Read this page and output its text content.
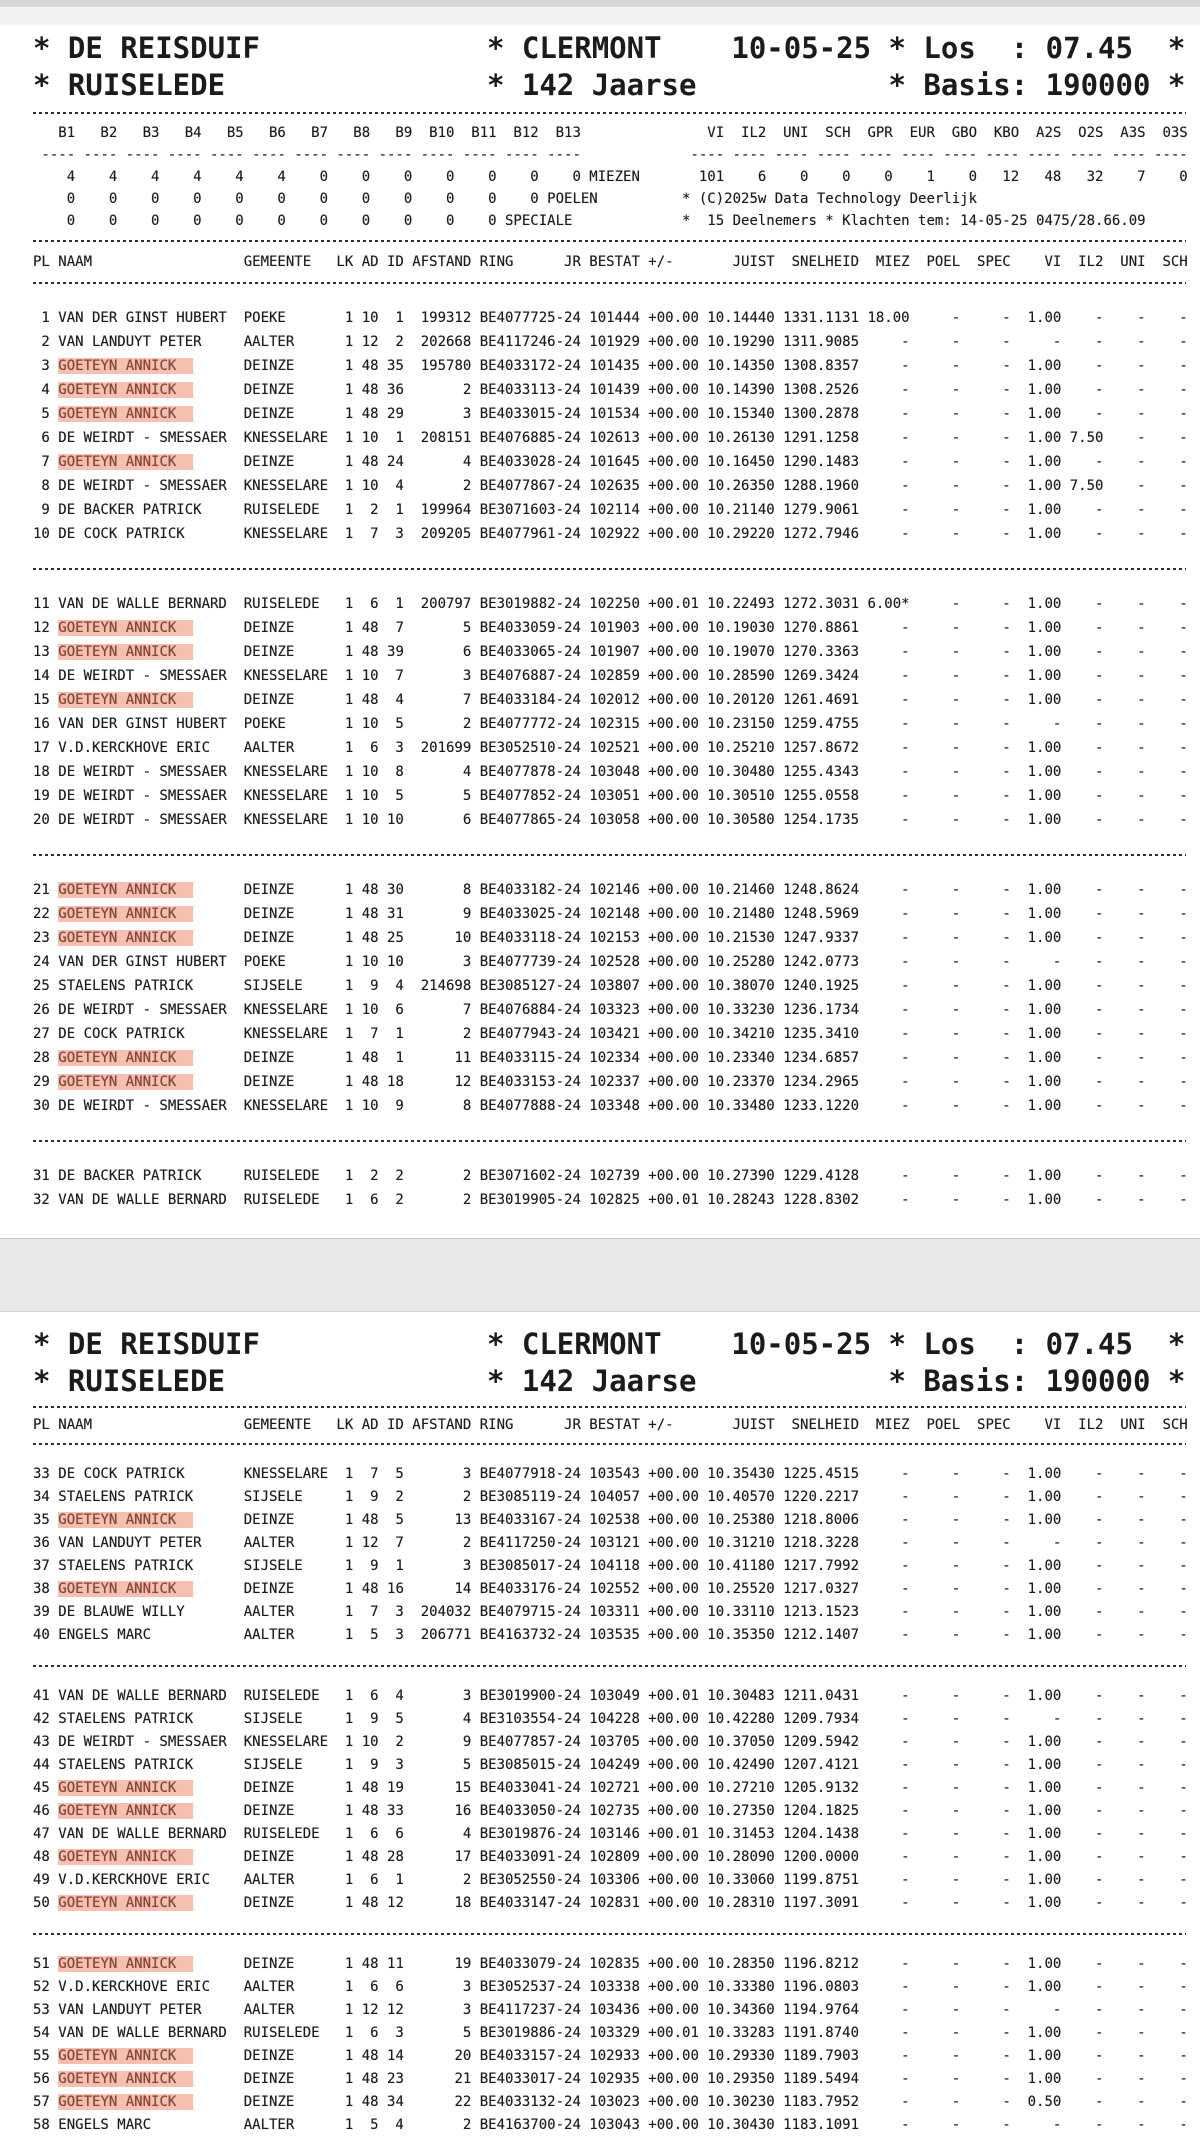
* DE REISDUIF             * CLERMONT    10-05-25 * Los  : 07.45  *
* RUISELEDE               * 142 Jaarse           * Basis: 190000 *
B1   B2   B3   B4   B5   B6   B7   B8   B9  B10  B11  B12  B13               VI  IL2  UNI  SCH  GPR  EUR  GBO  KBO  A2S  O2S  A3S  03S
---- ---- ---- ---- ---- ---- ---- ---- ---- ---- ---- ---- ----             ---- ---- ---- ---- ---- ---- ---- ---- ---- ---- ---- ----
4    4    4    4    4    4    0    0    0    0    0    0    0 MIEZEN       101    6    0    0    0    1    0   12   48   32    7    0
0    0    0    0    0    0    0    0    0    0    0    0 POELEN          * (C)2025w Data Technology Deerlijk
0    0    0    0    0    0    0    0    0    0    0 SPECIALE             *  15 Deelnemers * Klachten tem: 14-05-25 0475/28.66.09
PL NAAM                  GEMEENTE   LK AD ID AFSTAND RING      JR BESTAT +/-       JUIST  SNELHEID  MIEZ  POEL  SPEC    VI  IL2  UNI  SCH
1 VAN DER GINST HUBERT  POEKE       1 10  1  199312 BE4077725-24 101444 +00.00 10.14440 1331.1131 18.00     -     -  1.00    -    -    -
2 VAN LANDUYT PETER     AALTER      1 12  2  202668 BE4117246-24 101929 +00.00 10.19290 1311.9085     -     -     -     -    -    -    -
3 GOETEYN ANNICK        DEINZE      1 48 35  195780 BE4033172-24 101435 +00.00 10.14350 1308.8357     -     -     -  1.00    -    -    -
4 GOETEYN ANNICK        DEINZE      1 48 36       2 BE4033113-24 101439 +00.00 10.14390 1308.2526     -     -     -  1.00    -    -    -
5 GOETEYN ANNICK        DEINZE      1 48 29       3 BE4033015-24 101534 +00.00 10.15340 1300.2878     -     -     -  1.00    -    -    -
6 DE WEIRDT - SMESSAER  KNESSELARE  1 10  1  208151 BE4076885-24 102613 +00.00 10.26130 1291.1258     -     -     -  1.00 7.50    -    -
7 GOETEYN ANNICK        DEINZE      1 48 24       4 BE4033028-24 101645 +00.00 10.16450 1290.1483     -     -     -  1.00    -    -    -
8 DE WEIRDT - SMESSAER  KNESSELARE  1 10  4       2 BE4077867-24 102635 +00.00 10.26350 1288.1960     -     -     -  1.00 7.50    -    -
9 DE BACKER PATRICK     RUISELEDE   1  2  1  199964 BE3071603-24 102114 +00.00 10.21140 1279.9061     -     -     -  1.00    -    -    -
10 DE COCK PATRICK       KNESSELARE  1  7  3  209205 BE4077961-24 102922 +00.00 10.29220 1272.7946     -     -     -  1.00    -    -    -
11 VAN DE WALLE BERNARD  RUISELEDE   1  6  1  200797 BE3019882-24 102250 +00.01 10.22493 1272.3031 6.00*     -     -  1.00    -    -    -
12 GOETEYN ANNICK        DEINZE      1 48  7       5 BE4033059-24 101903 +00.00 10.19030 1270.8861     -     -     -  1.00    -    -    -
13 GOETEYN ANNICK        DEINZE      1 48 39       6 BE4033065-24 101907 +00.00 10.19070 1270.3363     -     -     -  1.00    -    -    -
14 DE WEIRDT - SMESSAER  KNESSELARE  1 10  7       3 BE4076887-24 102859 +00.00 10.28590 1269.3424     -     -     -  1.00    -    -    -
15 GOETEYN ANNICK        DEINZE      1 48  4       7 BE4033184-24 102012 +00.00 10.20120 1261.4691     -     -     -  1.00    -    -    -
16 VAN DER GINST HUBERT  POEKE       1 10  5       2 BE4077772-24 102315 +00.00 10.23150 1259.4755     -     -     -     -    -    -    -
17 V.D.KERCKHOVE ERIC    AALTER      1  6  3  201699 BE3052510-24 102521 +00.00 10.25210 1257.8672     -     -     -  1.00    -    -    -
18 DE WEIRDT - SMESSAER  KNESSELARE  1 10  8       4 BE4077878-24 103048 +00.00 10.30480 1255.4343     -     -     -  1.00    -    -    -
19 DE WEIRDT - SMESSAER  KNESSELARE  1 10  5       5 BE4077852-24 103051 +00.00 10.30510 1255.0558     -     -     -  1.00    -    -    -
20 DE WEIRDT - SMESSAER  KNESSELARE  1 10 10       6 BE4077865-24 103058 +00.00 10.30580 1254.1735     -     -     -  1.00    -    -    -
21 GOETEYN ANNICK        DEINZE      1 48 30       8 BE4033182-24 102146 +00.00 10.21460 1248.8624     -     -     -  1.00    -    -    -
22 GOETEYN ANNICK        DEINZE      1 48 31       9 BE4033025-24 102148 +00.00 10.21480 1248.5969     -     -     -  1.00    -    -    -
23 GOETEYN ANNICK        DEINZE      1 48 25      10 BE4033118-24 102153 +00.00 10.21530 1247.9337     -     -     -  1.00    -    -    -
24 VAN DER GINST HUBERT  POEKE       1 10 10       3 BE4077739-24 102528 +00.00 10.25280 1242.0773     -     -     -     -    -    -    -
25 STAELENS PATRICK      SIJSELE     1  9  4  214698 BE3085127-24 103807 +00.00 10.38070 1240.1925     -     -     -  1.00    -    -    -
26 DE WEIRDT - SMESSAER  KNESSELARE  1 10  6       7 BE4076884-24 103323 +00.00 10.33230 1236.1734     -     -     -  1.00    -    -    -
27 DE COCK PATRICK       KNESSELARE  1  7  1       2 BE4077943-24 103421 +00.00 10.34210 1235.3410     -     -     -  1.00    -    -    -
28 GOETEYN ANNICK        DEINZE      1 48  1      11 BE4033115-24 102334 +00.00 10.23340 1234.6857     -     -     -  1.00    -    -    -
29 GOETEYN ANNICK        DEINZE      1 48 18      12 BE4033153-24 102337 +00.00 10.23370 1234.2965     -     -     -  1.00    -    -    -
30 DE WEIRDT - SMESSAER  KNESSELARE  1 10  9       8 BE4077888-24 103348 +00.00 10.33480 1233.1220     -     -     -  1.00    -    -    -
31 DE BACKER PATRICK     RUISELEDE   1  2  2       2 BE3071602-24 102739 +00.00 10.27390 1229.4128     -     -     -  1.00    -    -    -
32 VAN DE WALLE BERNARD  RUISELEDE   1  6  2       2 BE3019905-24 102825 +00.01 10.28243 1228.8302     -     -     -  1.00    -    -    -
* DE REISDUIF             * CLERMONT    10-05-25 * Los  : 07.45  *
* RUISELEDE               * 142 Jaarse           * Basis: 190000 *
PL NAAM                  GEMEENTE   LK AD ID AFSTAND RING      JR BESTAT +/-       JUIST  SNELHEID  MIEZ  POEL  SPEC    VI  IL2  UNI  SCH
33 DE COCK PATRICK       KNESSELARE  1  7  5       3 BE4077918-24 103543 +00.00 10.35430 1225.4515     -     -     -  1.00    -    -    -
34 STAELENS PATRICK      SIJSELE     1  9  2       2 BE3085119-24 104057 +00.00 10.40570 1220.2217     -     -     -  1.00    -    -    -
35 GOETEYN ANNICK        DEINZE      1 48  5      13 BE4033167-24 102538 +00.00 10.25380 1218.8006     -     -     -  1.00    -    -    -
36 VAN LANDUYT PETER     AALTER      1 12  7       2 BE4117250-24 103121 +00.00 10.31210 1218.3228     -     -     -     -    -    -    -
37 STAELENS PATRICK      SIJSELE     1  9  1       3 BE3085017-24 104118 +00.00 10.41180 1217.7992     -     -     -  1.00    -    -    -
38 GOETEYN ANNICK        DEINZE      1 48 16      14 BE4033176-24 102552 +00.00 10.25520 1217.0327     -     -     -  1.00    -    -    -
39 DE BLAUWE WILLY       AALTER      1  7  3  204032 BE4079715-24 103311 +00.00 10.33110 1213.1523     -     -     -  1.00    -    -    -
40 ENGELS MARC           AALTER      1  5  3  206771 BE4163732-24 103535 +00.00 10.35350 1212.1407     -     -     -  1.00    -    -    -
41 VAN DE WALLE BERNARD  RUISELEDE   1  6  4       3 BE3019900-24 103049 +00.01 10.30483 1211.0431     -     -     -  1.00    -    -    -
42 STAELENS PATRICK      SIJSELE     1  9  5       4 BE3103554-24 104228 +00.00 10.42280 1209.7934     -     -     -     -    -    -    -
43 DE WEIRDT - SMESSAER  KNESSELARE  1 10  2       9 BE4077857-24 103705 +00.00 10.37050 1209.5942     -     -     -  1.00    -    -    -
44 STAELENS PATRICK      SIJSELE     1  9  3       5 BE3085015-24 104249 +00.00 10.42490 1207.4121     -     -     -  1.00    -    -    -
45 GOETEYN ANNICK        DEINZE      1 48 19      15 BE4033041-24 102721 +00.00 10.27210 1205.9132     -     -     -  1.00    -    -    -
46 GOETEYN ANNICK        DEINZE      1 48 33      16 BE4033050-24 102735 +00.00 10.27350 1204.1825     -     -     -  1.00    -    -    -
47 VAN DE WALLE BERNARD  RUISELEDE   1  6  6       4 BE3019876-24 103146 +00.01 10.31453 1204.1438     -     -     -  1.00    -    -    -
48 GOETEYN ANNICK        DEINZE      1 48 28      17 BE4033091-24 102809 +00.00 10.28090 1200.0000     -     -     -  1.00    -    -    -
49 V.D.KERCKHOVE ERIC    AALTER      1  6  1       2 BE3052550-24 103306 +00.00 10.33060 1199.8751     -     -     -  1.00    -    -    -
50 GOETEYN ANNICK        DEINZE      1 48 12      18 BE4033147-24 102831 +00.00 10.28310 1197.3091     -     -     -  1.00    -    -    -
51 GOETEYN ANNICK        DEINZE      1 48 11      19 BE4033079-24 102835 +00.00 10.28350 1196.8212     -     -     -  1.00    -    -    -
52 V.D.KERCKHOVE ERIC    AALTER      1  6  6       3 BE3052537-24 103338 +00.00 10.33380 1196.0803     -     -     -  1.00    -    -    -
53 VAN LANDUYT PETER     AALTER      1 12 12       3 BE4117237-24 103436 +00.00 10.34360 1194.9764     -     -     -     -    -    -    -
54 VAN DE WALLE BERNARD  RUISELEDE   1  6  3       5 BE3019886-24 103329 +00.01 10.33283 1191.8740     -     -     -  1.00    -    -    -
55 GOETEYN ANNICK        DEINZE      1 48 14      20 BE4033157-24 102933 +00.00 10.29330 1189.7903     -     -     -  1.00    -    -    -
56 GOETEYN ANNICK        DEINZE      1 48 23      21 BE4033017-24 102935 +00.00 10.29350 1189.5494     -     -     -  1.00    -    -    -
57 GOETEYN ANNICK        DEINZE      1 48 34      22 BE4033132-24 103023 +00.00 10.30230 1183.7952     -     -     -  0.50    -    -    -
58 ENGELS MARC           AALTER      1  5  4       2 BE4163700-24 103043 +00.00 10.30430 1183.1091     -     -     -     -    -    -    -
